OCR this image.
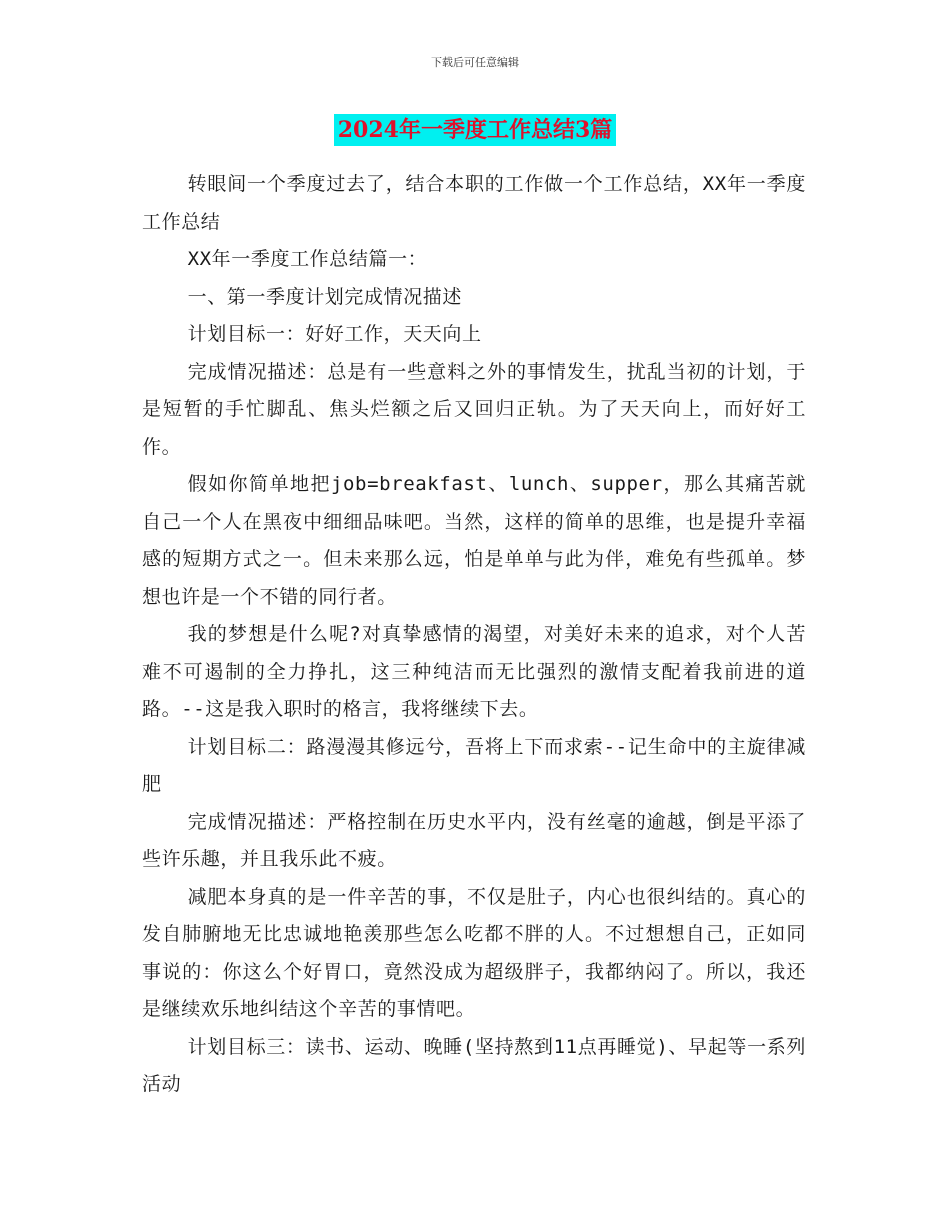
下载后可任意编辑
2024年一季度工作总结3篇

转眼间一个季度过去了，结合本职的工作做一个工作总结，XX年一季度工作总结

XX年一季度工作总结篇一：

一、第一季度计划完成情况描述

计划目标一：好好工作，天天向上

完成情况描述：总是有一些意料之外的事情发生，扰乱当初的计划，于是短暂的手忙脚乱、焦头烂额之后又回归正轨。为了天天向上，而好好工作。

假如你简单地把job=breakfast、lunch、supper，那么其痛苦就自己一个人在黑夜中细细品味吧。当然，这样的简单的思维，也是提升幸福感的短期方式之一。但未来那么远，怕是单单与此为伴，难免有些孤单。梦想也许是一个不错的同行者。

我的梦想是什么呢?对真挚感情的渴望，对美好未来的追求，对个人苦难不可遏制的全力挣扎，这三种纯洁而无比强烈的激情支配着我前进的道路。--这是我入职时的格言，我将继续下去。

计划目标二：路漫漫其修远兮，吾将上下而求索--记生命中的主旋律减肥

完成情况描述：严格控制在历史水平内，没有丝毫的逾越，倒是平添了些许乐趣，并且我乐此不疲。

减肥本身真的是一件辛苦的事，不仅是肚子，内心也很纠结的。真心的发自肺腑地无比忠诚地艳羡那些怎么吃都不胖的人。不过想想自己，正如同事说的：你这么个好胃口，竟然没成为超级胖子，我都纳闷了。所以，我还是继续欢乐地纠结这个辛苦的事情吧。

计划目标三：读书、运动、晚睡(坚持熬到11点再睡觉)、早起等一系列活动
